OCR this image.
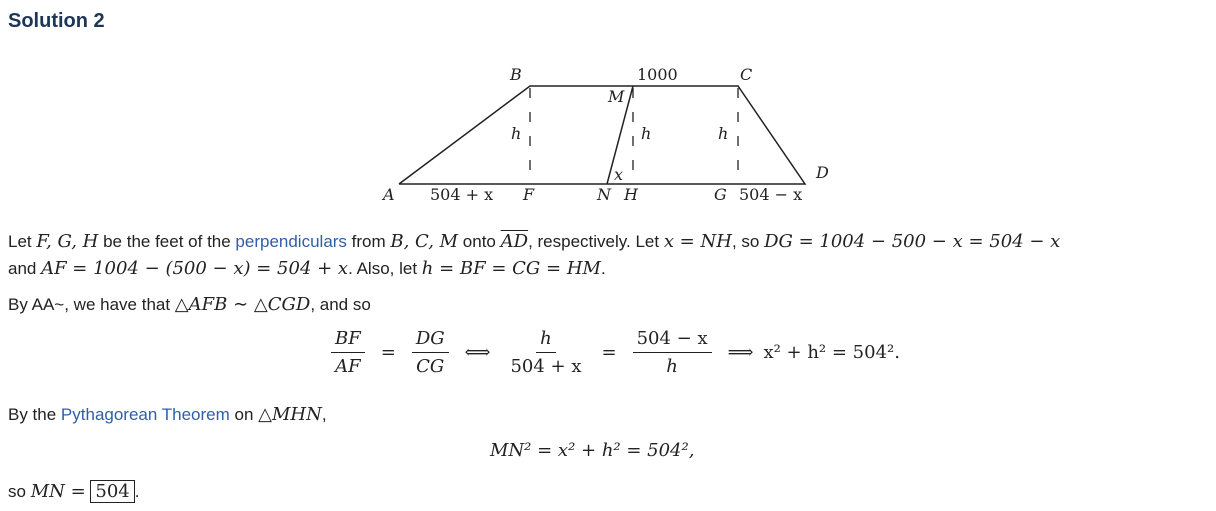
Solution 2
B	1000	C
M
h	h	h
x	D
A 504 + x F	N H	G 504 − x
Let F, G, H be the feet of the perpendiculars from B, C, M onto $\overline{AD}$, respectively. Let x = NH, so DG = 1004 − 500 − x = 504 − x
and AF = 1004 − (500 − x) = 504 + x. Also, let h = BF = CG = HM.
By AA~, we have that △AFB ∼ △CGD, and so
$\frac{BF}{AF} = \frac{DG}{CG}$ ⟺ $\frac{h}{504 + x} = \frac{504 - x}{h}$ ⟹ x² + h² = 504².
By the Pythagorean Theorem on △MHN,
MN² = x² + h² = 504²,
so MN = 504 .
